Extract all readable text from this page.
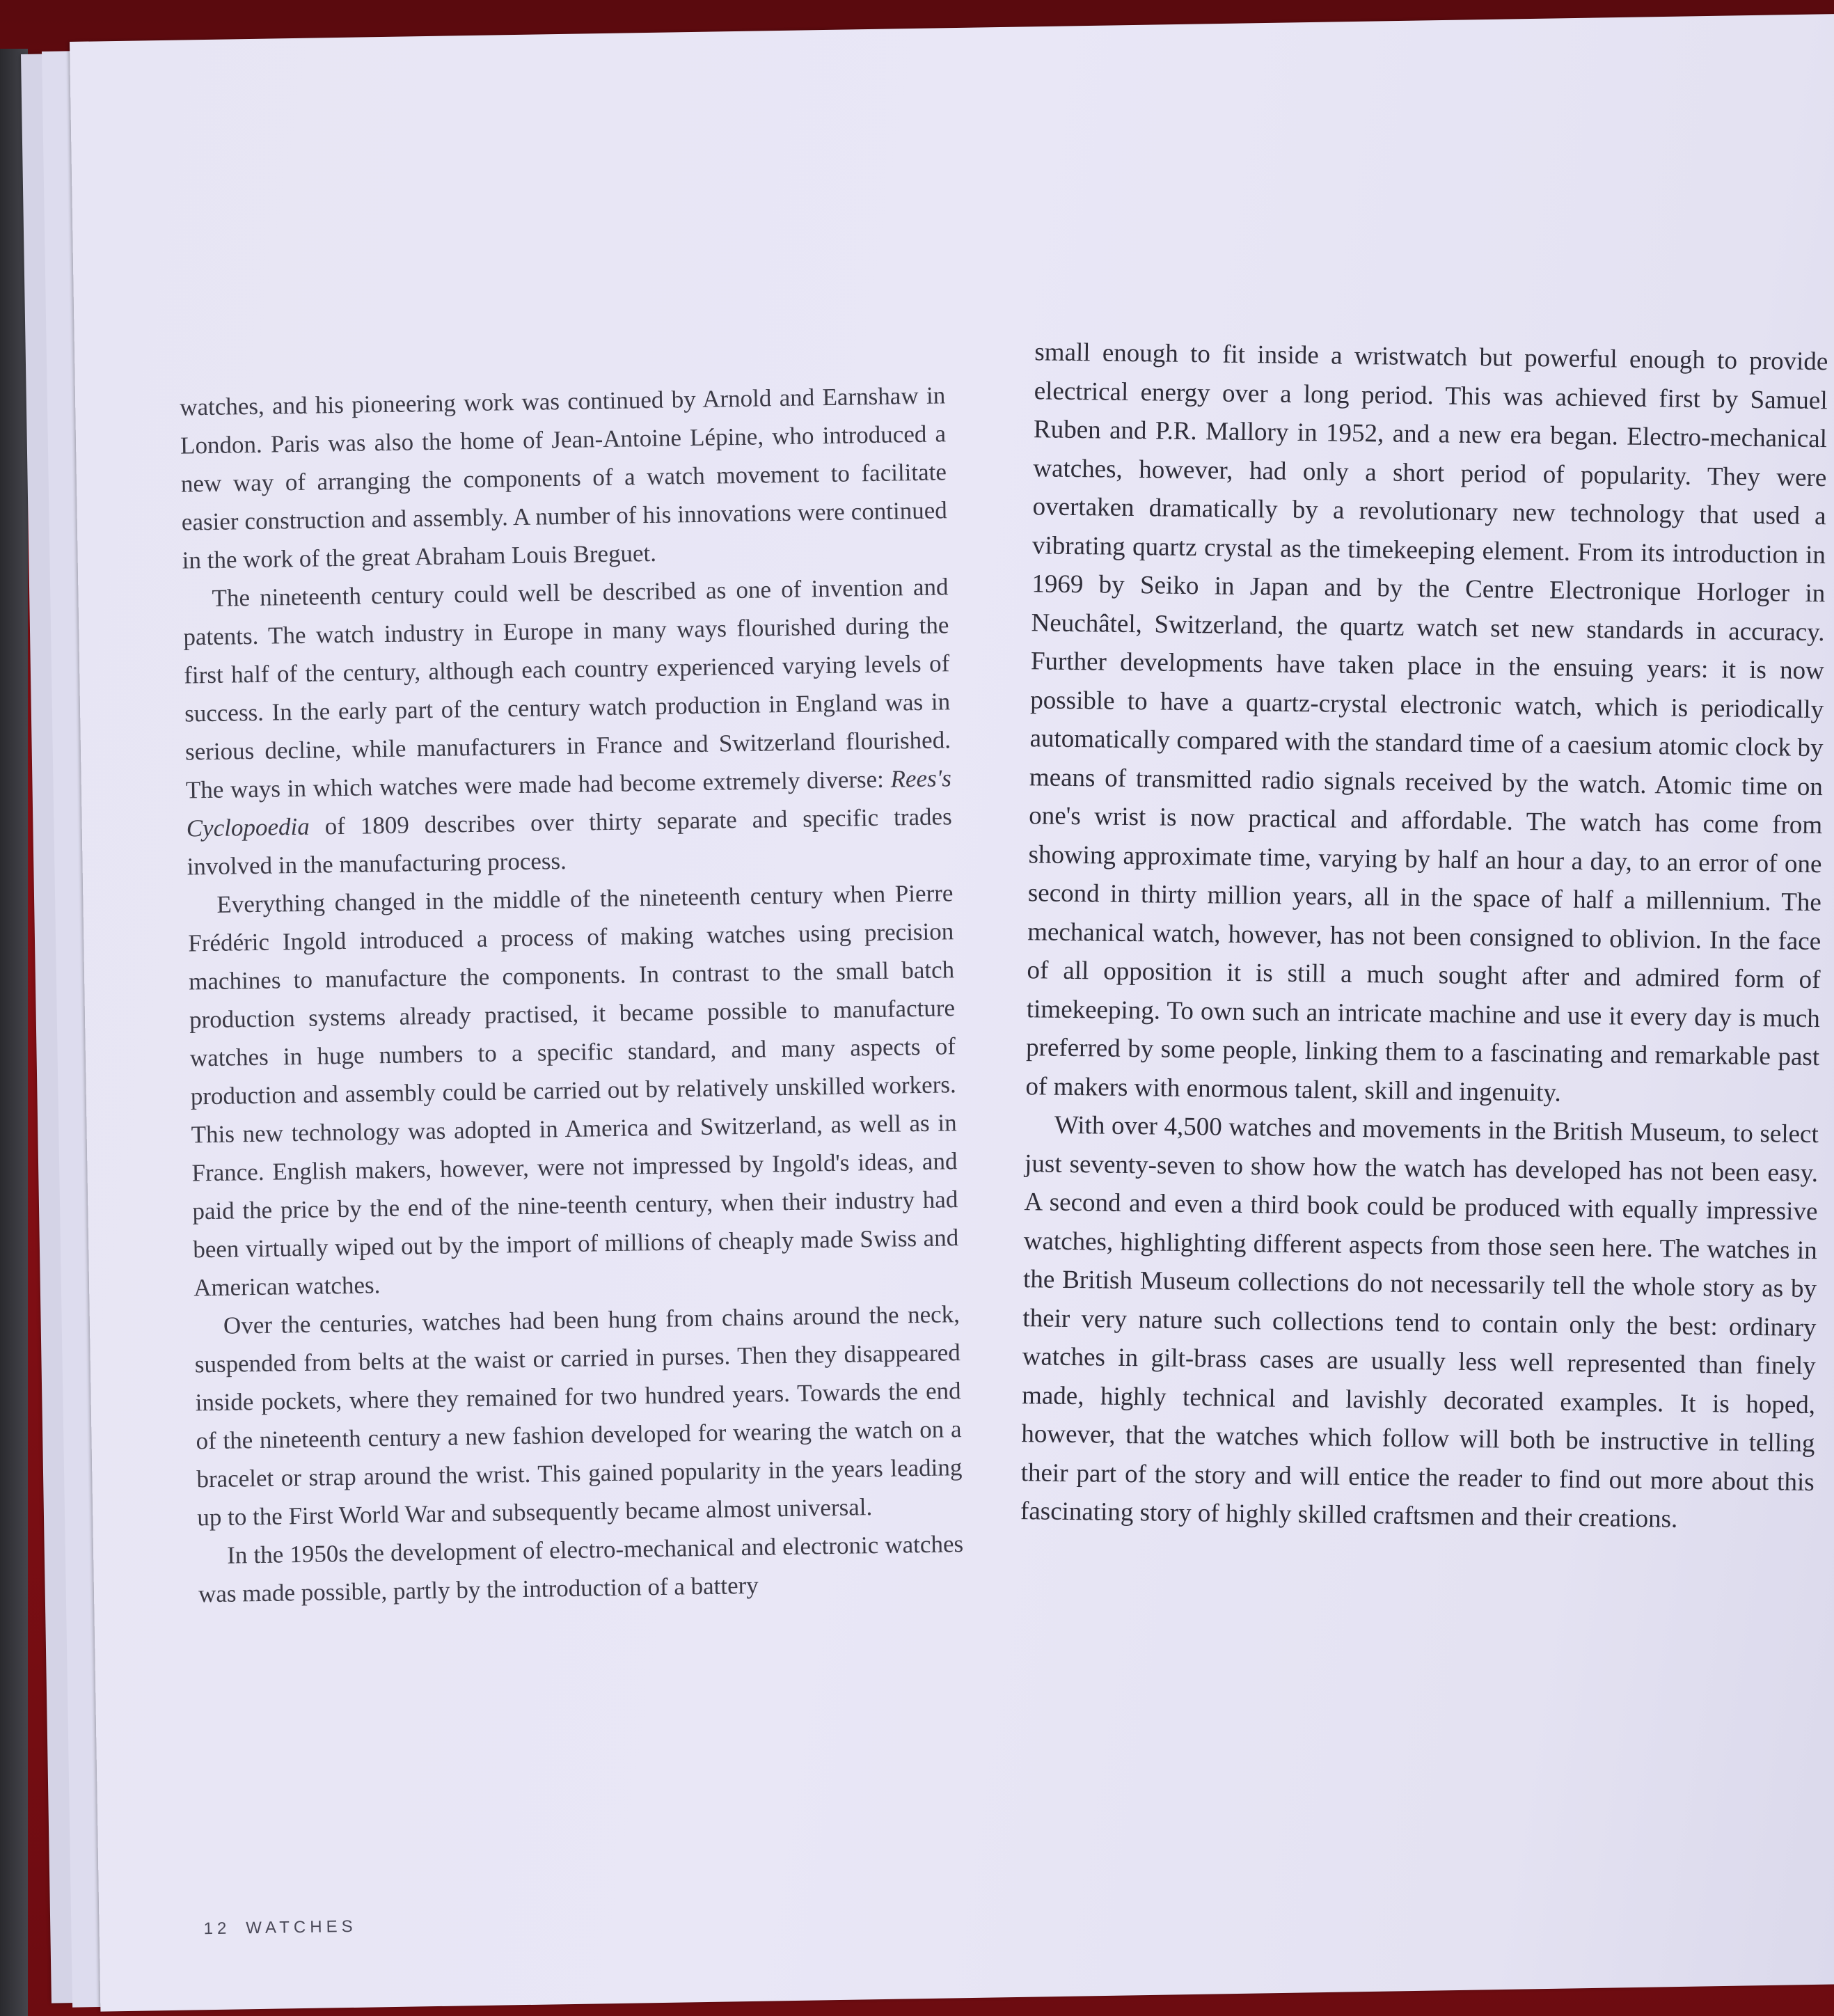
watches, and his pioneering work was continued by Arnold and Earnshaw in London. Paris was also the home of Jean-Antoine Lépine, who introduced a new way of arranging the components of a watch movement to facilitate easier construction and assembly. A number of his innovations were continued in the work of the great Abraham Louis Breguet.

The nineteenth century could well be described as one of invention and patents. The watch industry in Europe in many ways flourished during the first half of the century, although each country experienced varying levels of success. In the early part of the century watch production in England was in serious decline, while manufacturers in France and Switzerland flourished. The ways in which watches were made had become extremely diverse: Rees's Cyclopoedia of 1809 describes over thirty separate and specific trades involved in the manufacturing process.

Everything changed in the middle of the nineteenth century when Pierre Frédéric Ingold introduced a process of making watches using precision machines to manufacture the components. In contrast to the small batch production systems already practised, it became possible to manufacture watches in huge numbers to a specific standard, and many aspects of production and assembly could be carried out by relatively unskilled workers. This new technology was adopted in America and Switzerland, as well as in France. English makers, however, were not impressed by Ingold's ideas, and paid the price by the end of the nine-teenth century, when their industry had been virtually wiped out by the import of millions of cheaply made Swiss and American watches.

Over the centuries, watches had been hung from chains around the neck, suspended from belts at the waist or carried in purses. Then they disappeared inside pockets, where they remained for two hundred years. Towards the end of the nineteenth century a new fashion developed for wearing the watch on a bracelet or strap around the wrist. This gained popularity in the years leading up to the First World War and subsequently became almost universal.

In the 1950s the development of electro-mechanical and electronic watches was made possible, partly by the introduction of a battery

small enough to fit inside a wristwatch but powerful enough to provide electrical energy over a long period. This was achieved first by Samuel Ruben and P.R. Mallory in 1952, and a new era began. Electro-mechanical watches, however, had only a short period of popularity. They were overtaken dramatically by a revolutionary new technology that used a vibrating quartz crystal as the timekeeping element. From its introduction in 1969 by Seiko in Japan and by the Centre Electronique Horloger in Neuchâtel, Switzerland, the quartz watch set new standards in accuracy. Further developments have taken place in the ensuing years: it is now possible to have a quartz-crystal electronic watch, which is periodically automatically compared with the standard time of a caesium atomic clock by means of transmitted radio signals received by the watch. Atomic time on one's wrist is now practical and affordable. The watch has come from showing approximate time, varying by half an hour a day, to an error of one second in thirty million years, all in the space of half a millennium. The mechanical watch, however, has not been consigned to oblivion. In the face of all opposition it is still a much sought after and admired form of timekeeping. To own such an intricate machine and use it every day is much preferred by some people, linking them to a fascinating and remarkable past of makers with enormous talent, skill and ingenuity.

With over 4,500 watches and movements in the British Museum, to select just seventy-seven to show how the watch has developed has not been easy. A second and even a third book could be produced with equally impressive watches, highlighting different aspects from those seen here. The watches in the British Museum collections do not necessarily tell the whole story as by their very nature such collections tend to contain only the best: ordinary watches in gilt-brass cases are usually less well represented than finely made, highly technical and lavishly decorated examples. It is hoped, however, that the watches which follow will both be instructive in telling their part of the story and will entice the reader to find out more about this fascinating story of highly skilled craftsmen and their creations.

12 WATCHES
